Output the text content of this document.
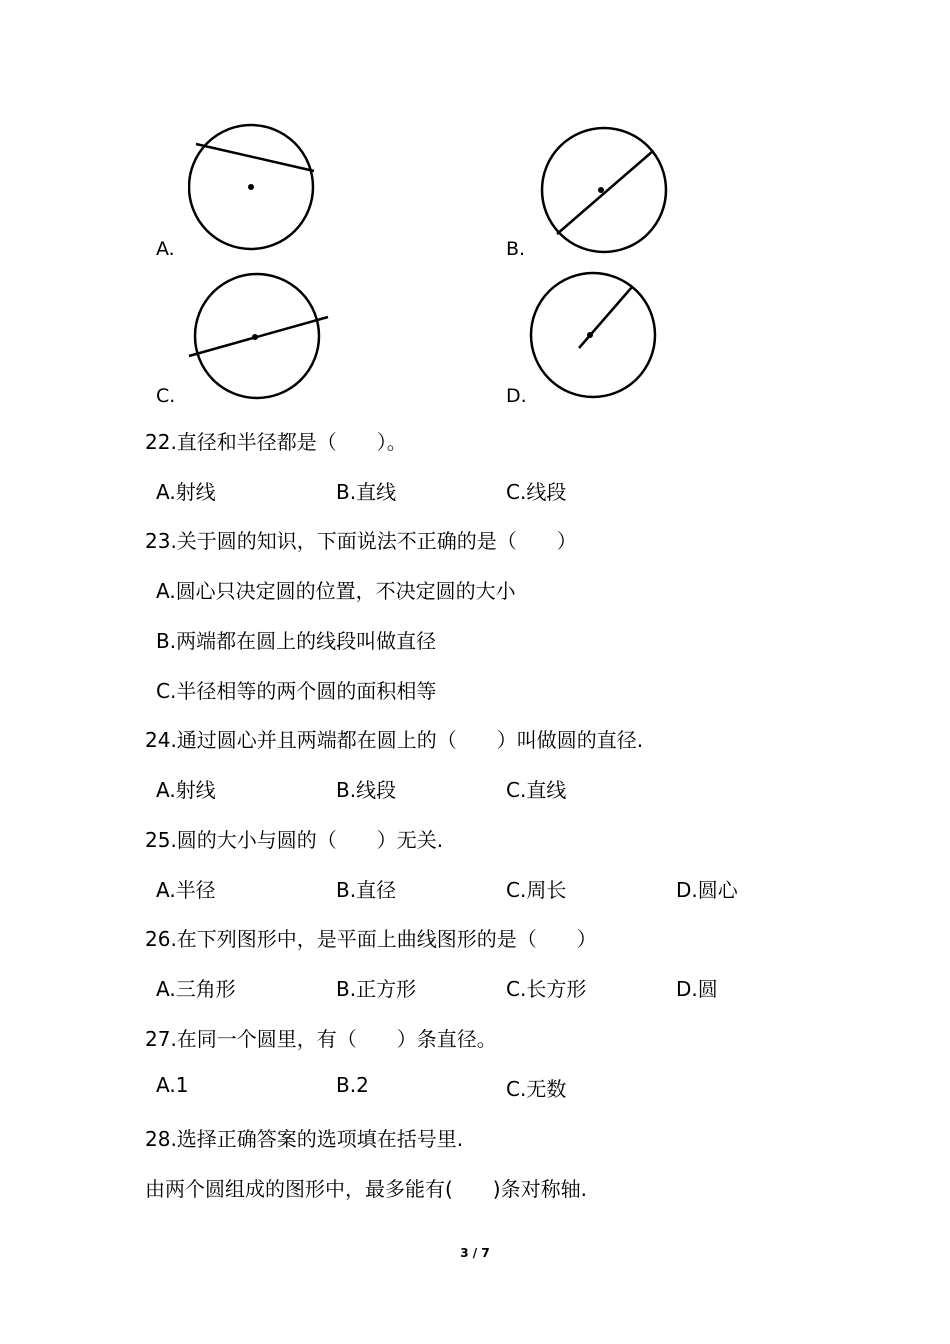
A.	B.
C.	D.
22.直径和半径都是（　　）。
A.射线	B.直线	C.线段
23.关于圆的知识，下面说法不正确的是（　　）
A.圆心只决定圆的位置，不决定圆的大小
B.两端都在圆上的线段叫做直径
C.半径相等的两个圆的面积相等
24.通过圆心并且两端都在圆上的（　　）叫做圆的直径.
A.射线	B.线段	C.直线
25.圆的大小与圆的（　　）无关.
A.半径	B.直径	C.周长	D.圆心
26.在下列图形中，是平面上曲线图形的是（　　）
A.三角形	B.正方形	C.长方形	D.圆
27.在同一个圆里，有（　　）条直径。
A.1	B.2	C.无数
28.选择正确答案的选项填在括号里.
由两个圆组成的图形中，最多能有(　　)条对称轴.
3 / 7
